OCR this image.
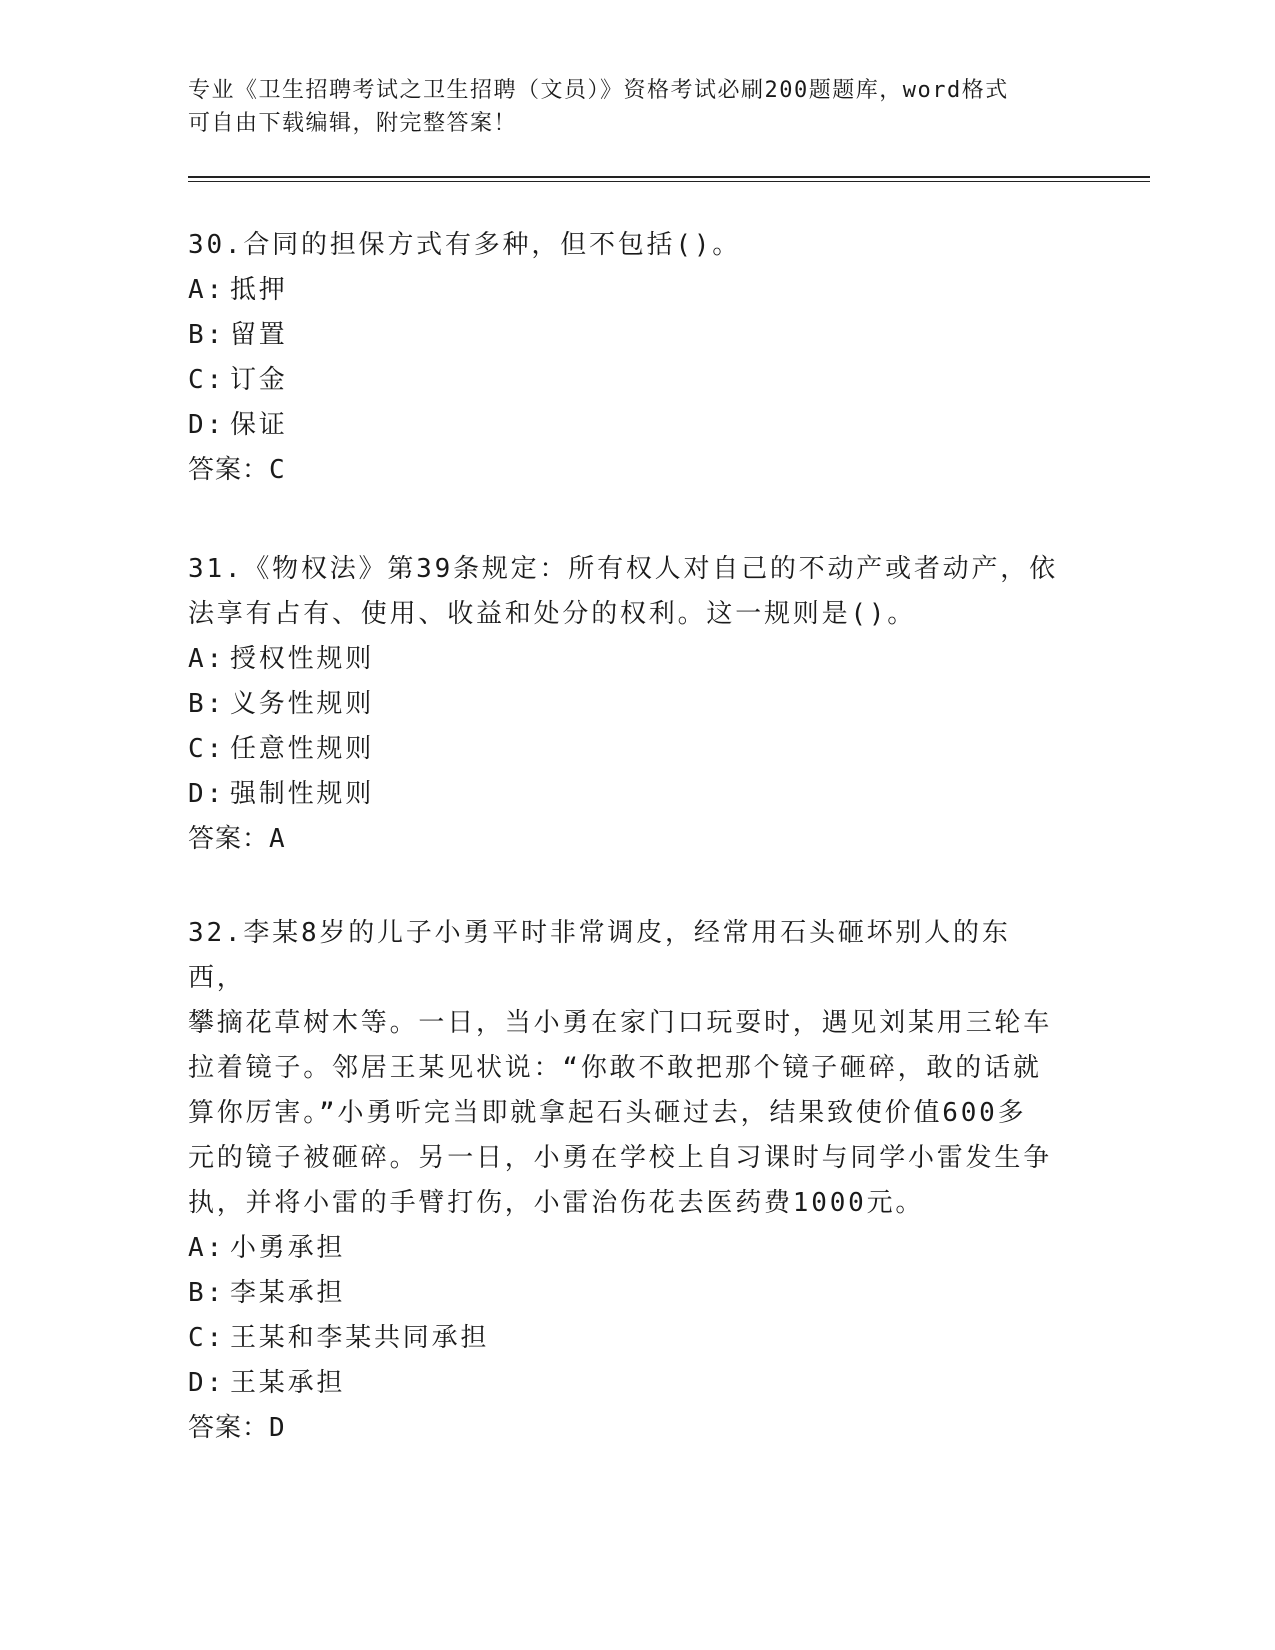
专业《卫生招聘考试之卫生招聘（文员）》资格考试必刷200题题库，word格式
可自由下载编辑，附完整答案！

30.合同的担保方式有多种，但不包括()。

A: 抵押

B: 留置

C: 订金

D: 保证

答案：C

31.《物权法》第39条规定：所有权人对自己的不动产或者动产，依

法享有占有、使用、收益和处分的权利。这一规则是()。

A: 授权性规则

B: 义务性规则

C: 任意性规则

D: 强制性规则

答案：A

32.李某8岁的儿子小勇平时非常调皮，经常用石头砸坏别人的东西，

攀摘花草树木等。一日，当小勇在家门口玩耍时，遇见刘某用三轮车

拉着镜子。邻居王某见状说：“你敢不敢把那个镜子砸碎，敢的话就

算你厉害。”小勇听完当即就拿起石头砸过去，结果致使价值600多

元的镜子被砸碎。另一日，小勇在学校上自习课时与同学小雷发生争

执，并将小雷的手臂打伤，小雷治伤花去医药费1000元。

A: 小勇承担

B: 李某承担

C: 王某和李某共同承担

D: 王某承担

答案：D
